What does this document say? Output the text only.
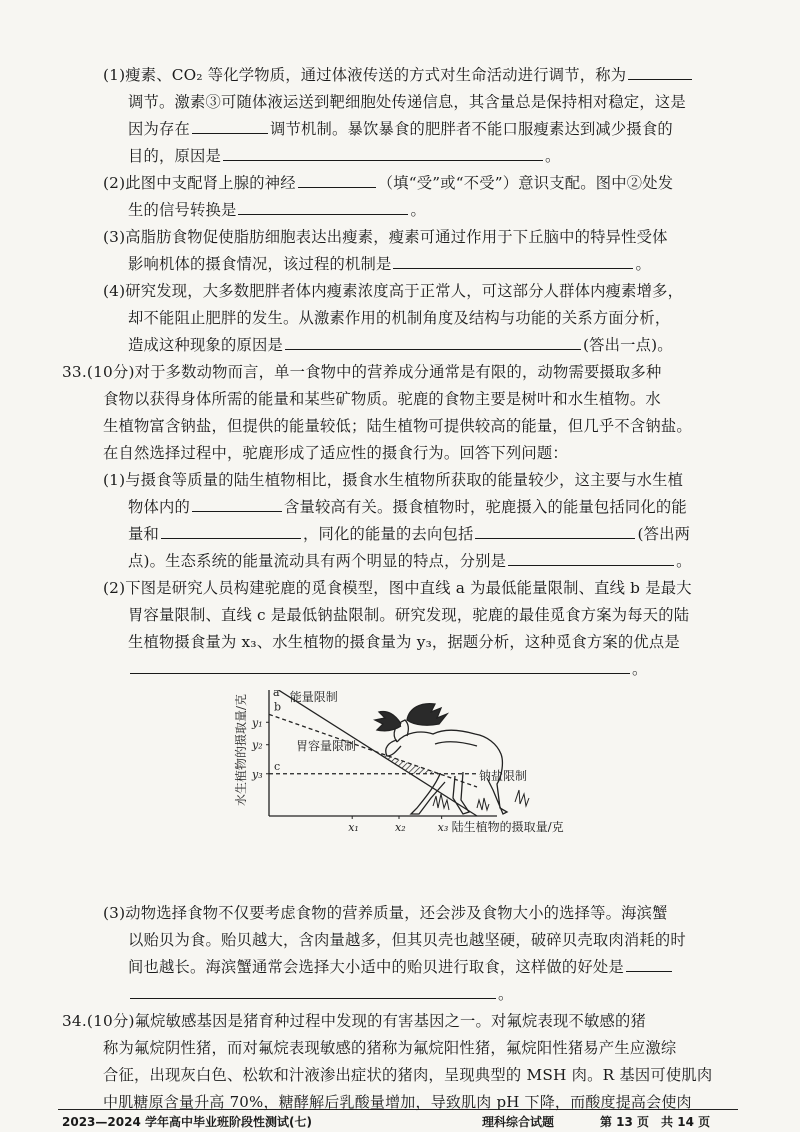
(1)瘦素、CO₂ 等化学物质，通过体液传送的方式对生命活动进行调节，称为
调节。激素③可随体液运送到靶细胞处传递信息，其含量总是保持相对稳定，这是
因为存在	调节机制。暴饮暴食的肥胖者不能口服瘦素达到减少摄食的
目的，原因是	。
(2)此图中支配肾上腺的神经	（填“受”或“不受”）意识支配。图中②处发
生的信号转换是	。
(3)高脂肪食物促使脂肪细胞表达出瘦素，瘦素可通过作用于下丘脑中的特异性受体
影响机体的摄食情况，该过程的机制是	。
(4)研究发现，大多数肥胖者体内瘦素浓度高于正常人，可这部分人群体内瘦素增多，
却不能阻止肥胖的发生。从激素作用的机制角度及结构与功能的关系方面分析，
造成这种现象的原因是	(答出一点)。
33.(10分)对于多数动物而言，单一食物中的营养成分通常是有限的，动物需要摄取多种
食物以获得身体所需的能量和某些矿物质。驼鹿的食物主要是树叶和水生植物。水
生植物富含钠盐，但提供的能量较低；陆生植物可提供较高的能量，但几乎不含钠盐。
在自然选择过程中，驼鹿形成了适应性的摄食行为。回答下列问题：
(1)与摄食等质量的陆生植物相比，摄食水生植物所获取的能量较少，这主要与水生植
物体内的	含量较高有关。摄食植物时，驼鹿摄入的能量包括同化的能
量和	，同化的能量的去向包括	(答出两
点)。生态系统的能量流动具有两个明显的特点，分别是	。
(2)下图是研究人员构建驼鹿的觅食模型，图中直线 a 为最低能量限制、直线 b 是最大
胃容量限制、直线 c 是最低钠盐限制。研究发现，驼鹿的最佳觅食方案为每天的陆
生植物摄食量为 x₃、水生植物的摄食量为 y₃，据题分析，这种觅食方案的优点是
。
x₁	x₂	x₃
y₁
y₂
y₃
a 能量限制
b
胃容量限制
c
钠盐限制
陆生植物的摄取量/克
水生植物的摄取量/克
(3)动物选择食物不仅要考虑食物的营养质量，还会涉及食物大小的选择等。海滨蟹
以贻贝为食。贻贝越大，含肉量越多，但其贝壳也越坚硬，破碎贝壳取肉消耗的时
间也越长。海滨蟹通常会选择大小适中的贻贝进行取食，这样做的好处是
。
34.(10分)氟烷敏感基因是猪育种过程中发现的有害基因之一。对氟烷表现不敏感的猪
称为氟烷阴性猪，而对氟烷表现敏感的猪称为氟烷阳性猪，氟烷阳性猪易产生应激综
合征，出现灰白色、松软和汁液渗出症状的猪肉，呈现典型的 MSH 肉。R 基因可使肌肉
中肌糖原含量升高 70%，糖酵解后乳酸量增加，导致肌肉 pH 下降，而酸度提高会使肉
2023—2024 学年高中毕业班阶段性测试(七)	理科综合试题	第 13 页　共 14 页
